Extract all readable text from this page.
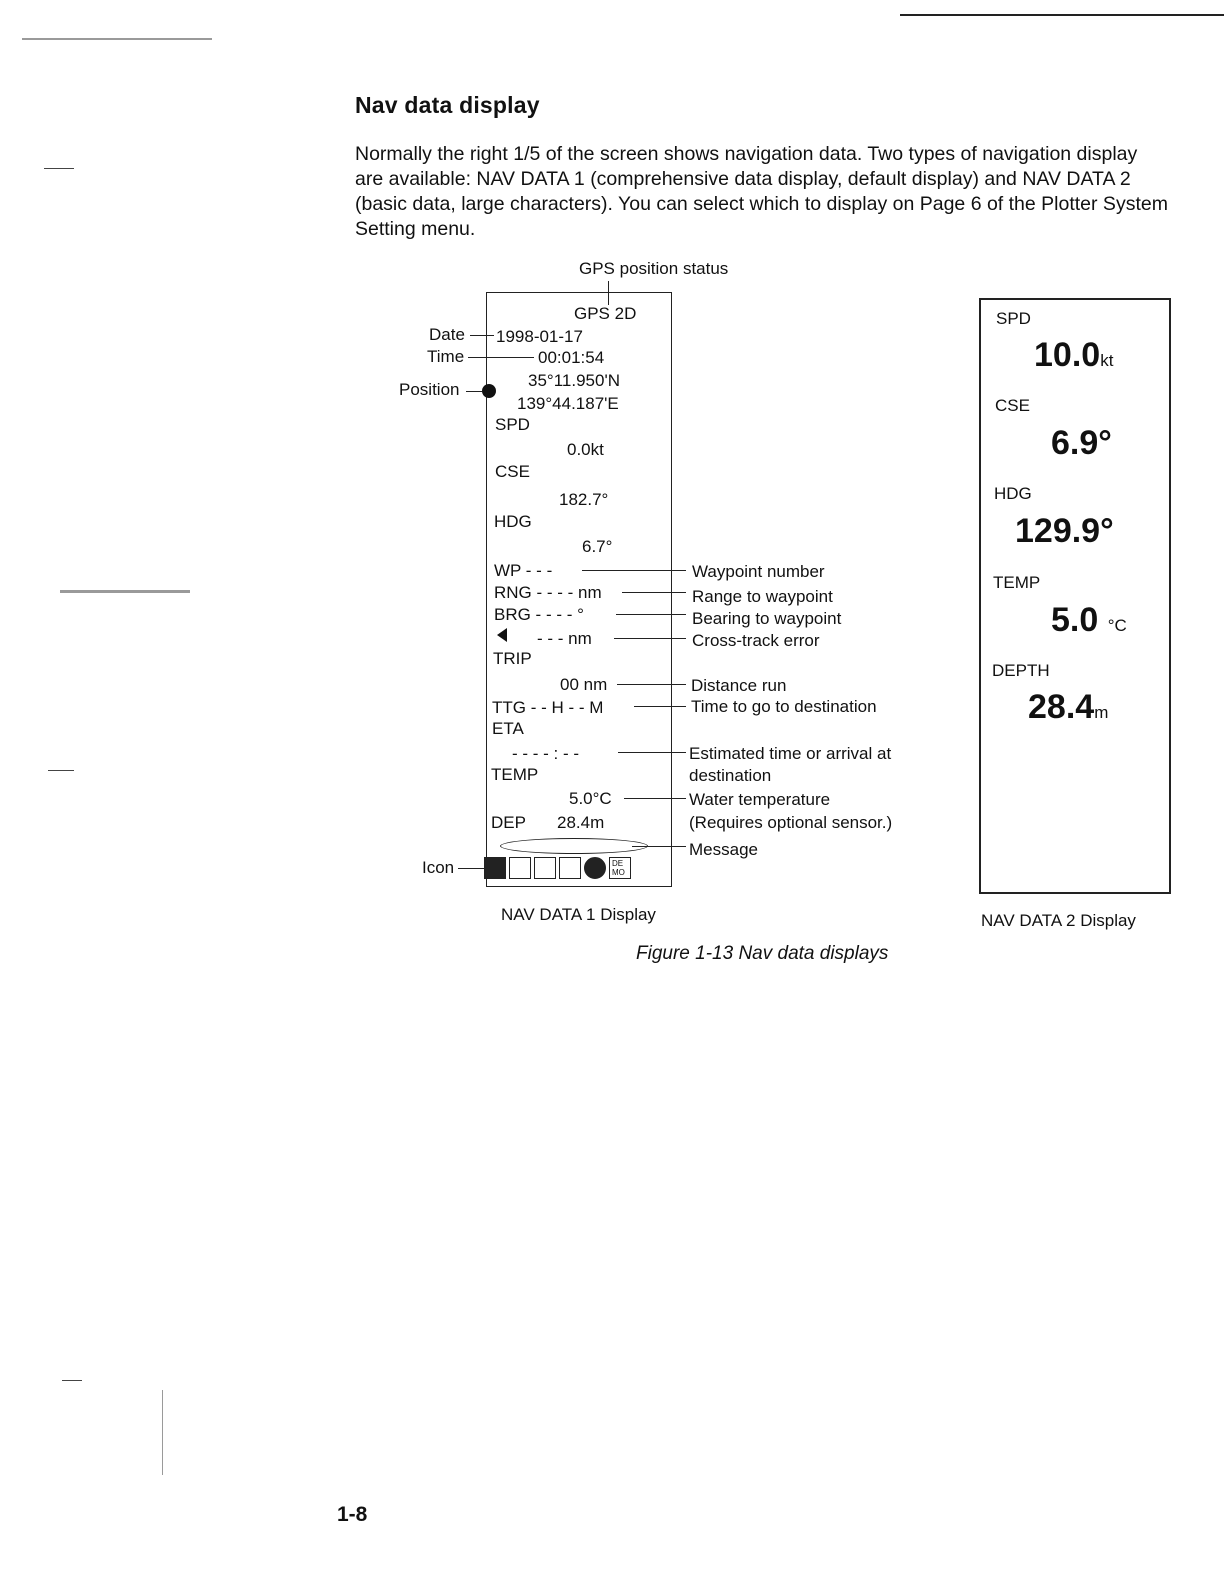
Nav data display
Normally the right 1/5 of the screen shows navigation data. Two types of navigation display
are available: NAV DATA 1 (comprehensive data display, default display) and NAV DATA 2
(basic data, large characters). You can select which to display on Page 6 of the Plotter System
Setting menu.
GPS position status
Date
Time
Position
Icon
GPS 2D
1998-01-17
00:01:54
35°11.950'N
139°44.187'E
SPD
0.0kt
CSE
182.7°
HDG
6.7°
WP - - -
RNG - - - - nm
BRG - - - - °
- - - nm
TRIP
00 nm
TTG - - H - - M
ETA
- - - - : - -
TEMP
5.0°C
DEP 28.4m
DE MO
Waypoint number
Range to waypoint
Bearing to waypoint
Cross-track error
Distance run
Time to go to destination
Estimated time or arrival at
destination
Water temperature
(Requires optional sensor.)
Message
SPD
10.0kt
CSE
6.9°
HDG
129.9°
TEMP
5.0 °C
DEPTH
28.4m
NAV DATA 1 Display	NAV DATA 2 Display
Figure 1-13 Nav data displays
1-8
